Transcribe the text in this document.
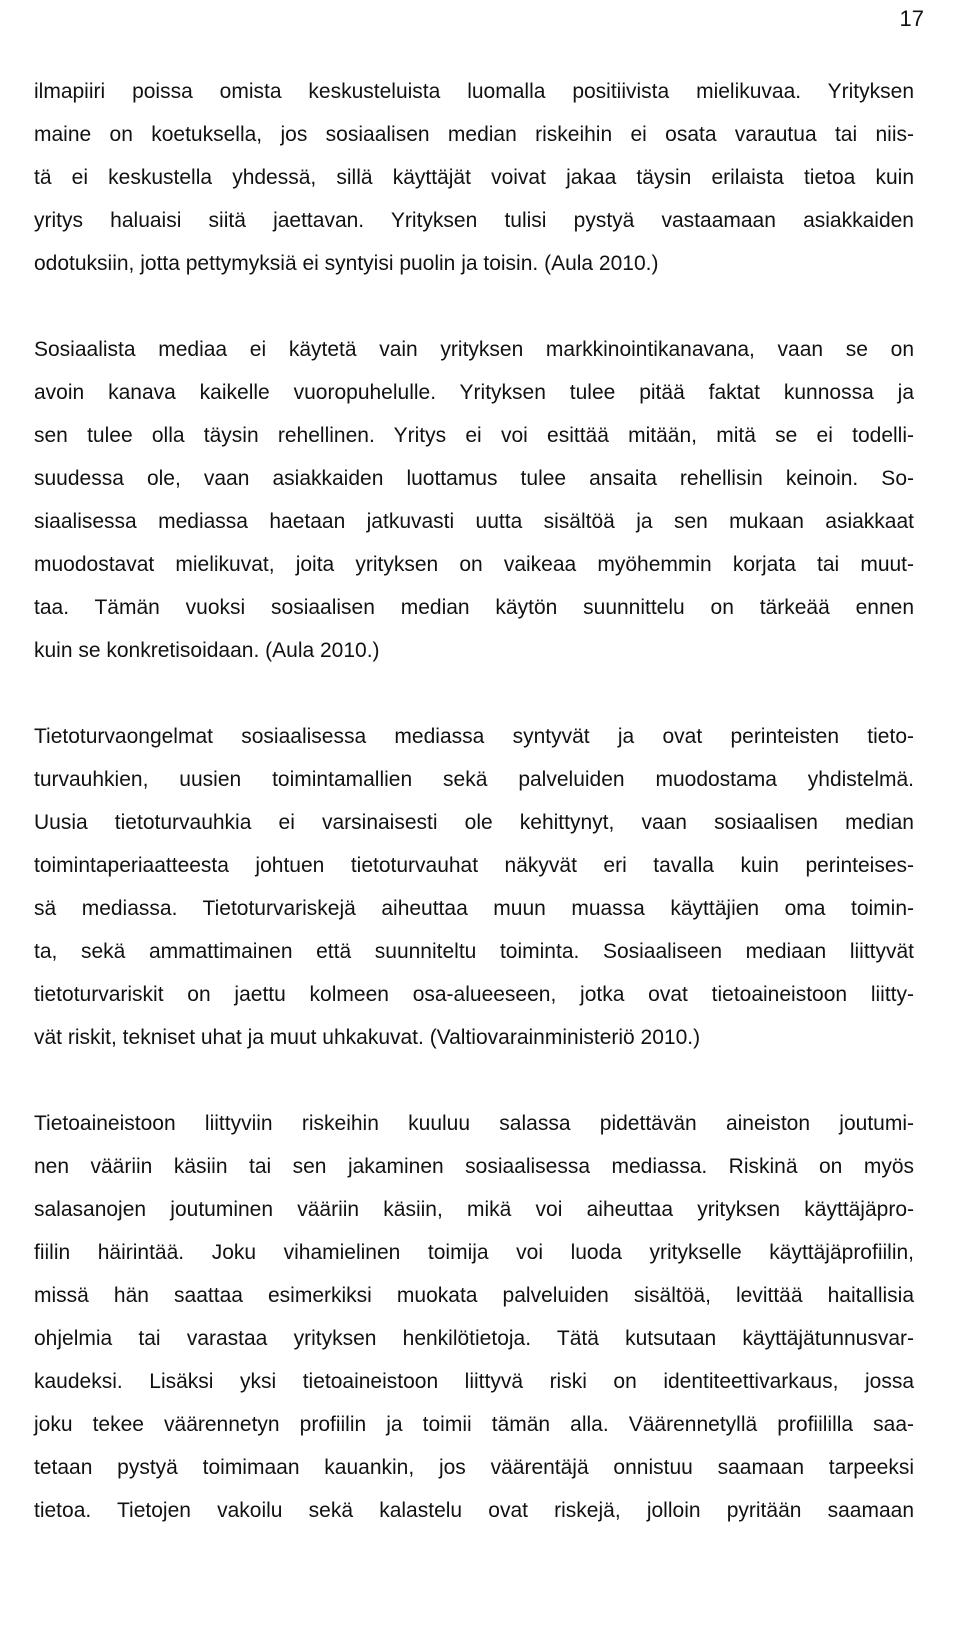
17
ilmapiiri poissa omista keskusteluista luomalla positiivista mielikuvaa. Yrityksen
maine on koetuksella, jos sosiaalisen median riskeihin ei osata varautua tai niis-
tä ei keskustella yhdessä, sillä käyttäjät voivat jakaa täysin erilaista tietoa kuin
yritys haluaisi siitä jaettavan. Yrityksen tulisi pystyä vastaamaan asiakkaiden
odotuksiin, jotta pettymyksiä ei syntyisi puolin ja toisin. (Aula 2010.)
Sosiaalista mediaa ei käytetä vain yrityksen markkinointikanavana, vaan se on
avoin kanava kaikelle vuoropuhelulle. Yrityksen tulee pitää faktat kunnossa ja
sen tulee olla täysin rehellinen. Yritys ei voi esittää mitään, mitä se ei todelli-
suudessa ole, vaan asiakkaiden luottamus tulee ansaita rehellisin keinoin. So-
siaalisessa mediassa haetaan jatkuvasti uutta sisältöä ja sen mukaan asiakkaat
muodostavat mielikuvat, joita yrityksen on vaikeaa myöhemmin korjata tai muut-
taa. Tämän vuoksi sosiaalisen median käytön suunnittelu on tärkeää ennen
kuin se konkretisoidaan. (Aula 2010.)
Tietoturvaongelmat sosiaalisessa mediassa syntyvät ja ovat perinteisten tieto-
turvauhkien, uusien toimintamallien sekä palveluiden muodostama yhdistelmä.
Uusia tietoturvauhkia ei varsinaisesti ole kehittynyt, vaan sosiaalisen median
toimintaperiaatteesta johtuen tietoturvauhat näkyvät eri tavalla kuin perinteises-
sä mediassa. Tietoturvariskejä aiheuttaa muun muassa käyttäjien oma toimin-
ta, sekä ammattimainen että suunniteltu toiminta. Sosiaaliseen mediaan liittyvät
tietoturvariskit on jaettu kolmeen osa-alueeseen, jotka ovat tietoaineistoon liitty-
vät riskit, tekniset uhat ja muut uhkakuvat. (Valtiovarainministeriö 2010.)
Tietoaineistoon liittyviin riskeihin kuuluu salassa pidettävän aineiston joutumi-
nen vääriin käsiin tai sen jakaminen sosiaalisessa mediassa. Riskinä on myös
salasanojen joutuminen vääriin käsiin, mikä voi aiheuttaa yrityksen käyttäjäpro-
fiilin häirintää. Joku vihamielinen toimija voi luoda yritykselle käyttäjäprofiilin,
missä hän saattaa esimerkiksi muokata palveluiden sisältöä, levittää haitallisia
ohjelmia tai varastaa yrityksen henkilötietoja. Tätä kutsutaan käyttäjätunnusvar-
kaudeksi. Lisäksi yksi tietoaineistoon liittyvä riski on identiteettivarkaus, jossa
joku tekee väärennetyn profiilin ja toimii tämän alla. Väärennetyllä profiililla saa-
tetaan pystyä toimimaan kauankin, jos väärentäjä onnistuu saamaan tarpeeksi
tietoa. Tietojen vakoilu sekä kalastelu ovat riskejä, jolloin pyritään saamaan
